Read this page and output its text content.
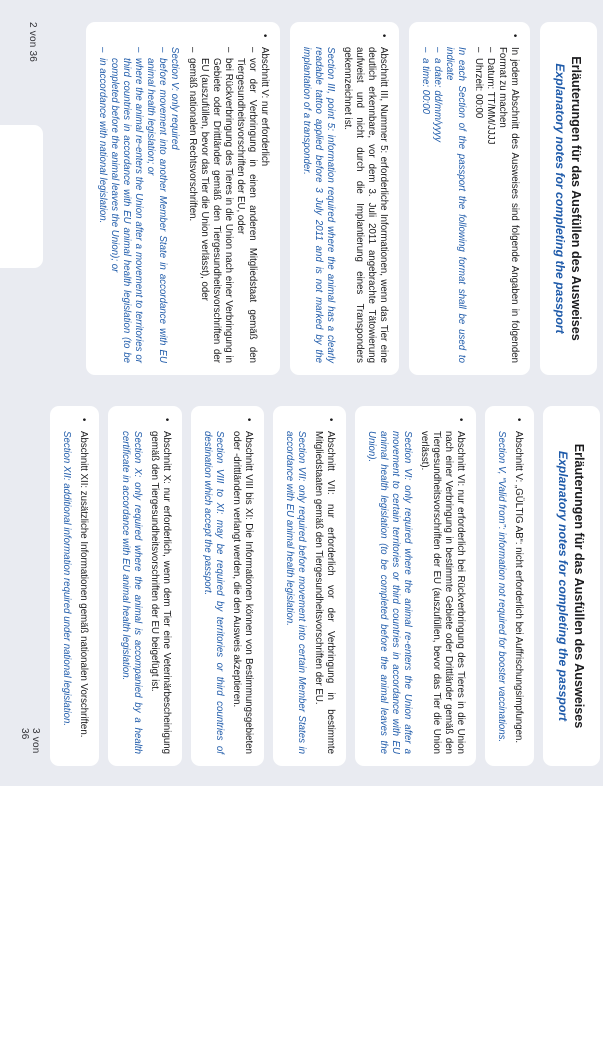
Erläuterungen für das Ausfüllen des Ausweises
Explanatory notes for completing the passport
•
In jedem Abschnitt des Ausweises sind folgende Angaben in folgenden Format zu machen
–
Datum: TT/MM/JJJJ
–
Uhrzeit: 00:00
In each Section of the passport the following format shall be used to indicate
–
a date: dd/mm/yyyy
–
a time: 00:00
•
Abschnitt III, Nummer 5: erforderliche Informationen, wenn das Tier eine deutlich erkennbare, vor dem 3. Juli 2011 angebrachte Tätowierung aufweist und nicht durch die Implantierung eines Transponders gekennzeichnet ist.
Section III, point 5: information required where the animal has a clearly readable tattoo applied before 3 July 2011 and is not marked by the implantation of a transponder.
•
Abschnitt V: nur erforderlich
–
vor der Verbringung in einen anderen Mitgliedstaat gemäß den Tiergesundheitsvorschriften der EU, oder
–
bei Rückverbringung des Tieres in die Union nach einer Verbringung in Gebiete oder Drittländer gemäß den Tiergesundheitsvorschriften der EU (auszufüllen, bevor das Tier die Union verlässt), oder
–
gemäß nationalen Rechtsvorschriften.
Section V: only required
–
before movement into another Member State in accordance with EU animal health legislation; or
–
where the animal re-enters the Union after a movement to territories or third countries in accordance with EU animal health legislation (to be completed before the animal leaves the Union); or
–
in accordance with national legislation.
2 von 36
Erläuterungen für das Ausfüllen des Ausweises
Explanatory notes for completing the passport
•
Abschnitt V: „GÜLTIG AB“: nicht erforderlich bei Auffrischungsimpfungen.
Section V, “Valid from”: information not required for booster vaccinations.
•
Abschnitt VI: nur erforderlich bei Rückverbringung des Tieres in die Union nach einer Verbringung in bestimmte Gebiete oder Drittländer gemäß den Tiergesundheitsvorschriften der EU (auszufüllen, bevor das Tier die Union verlässt).
Section VI: only required where the animal re-enters the Union after a movement to certain territories or third countries in accordance with EU animal health legislation (to be completed before the animal leaves the Union).
•
Abschnitt VII: nur erforderlich vor der Verbringung in bestimmte Mitgliedstaaten gemäß den Tiergesundheitsvorschriften der EU.
Section VII: only required before movement into certain Member States in accordance with EU animal health legislation.
•
Abschnitt VIII bis XI: Die Informationen können von Bestimmungsgebieten oder -drittländern verlangt werden, die den Ausweis akzeptieren.
Section VIII to XI: may be required by territories or third countries of destination which accept the passport.
•
Abschnitt X: nur erforderlich, wenn dem Tier eine Veterinärbescheinigung gemäß den Tiergesundheitsvorschriften der EU beigefügt ist.
Section X: only required where the animal is accompanied by a health certificate in accordance with EU animal health legislation.
•
Abschnitt XII: zusätzliche Informationen gemäß nationalen Vorschriften.
Section XII: additional information required under national legislation.
3 von 36
